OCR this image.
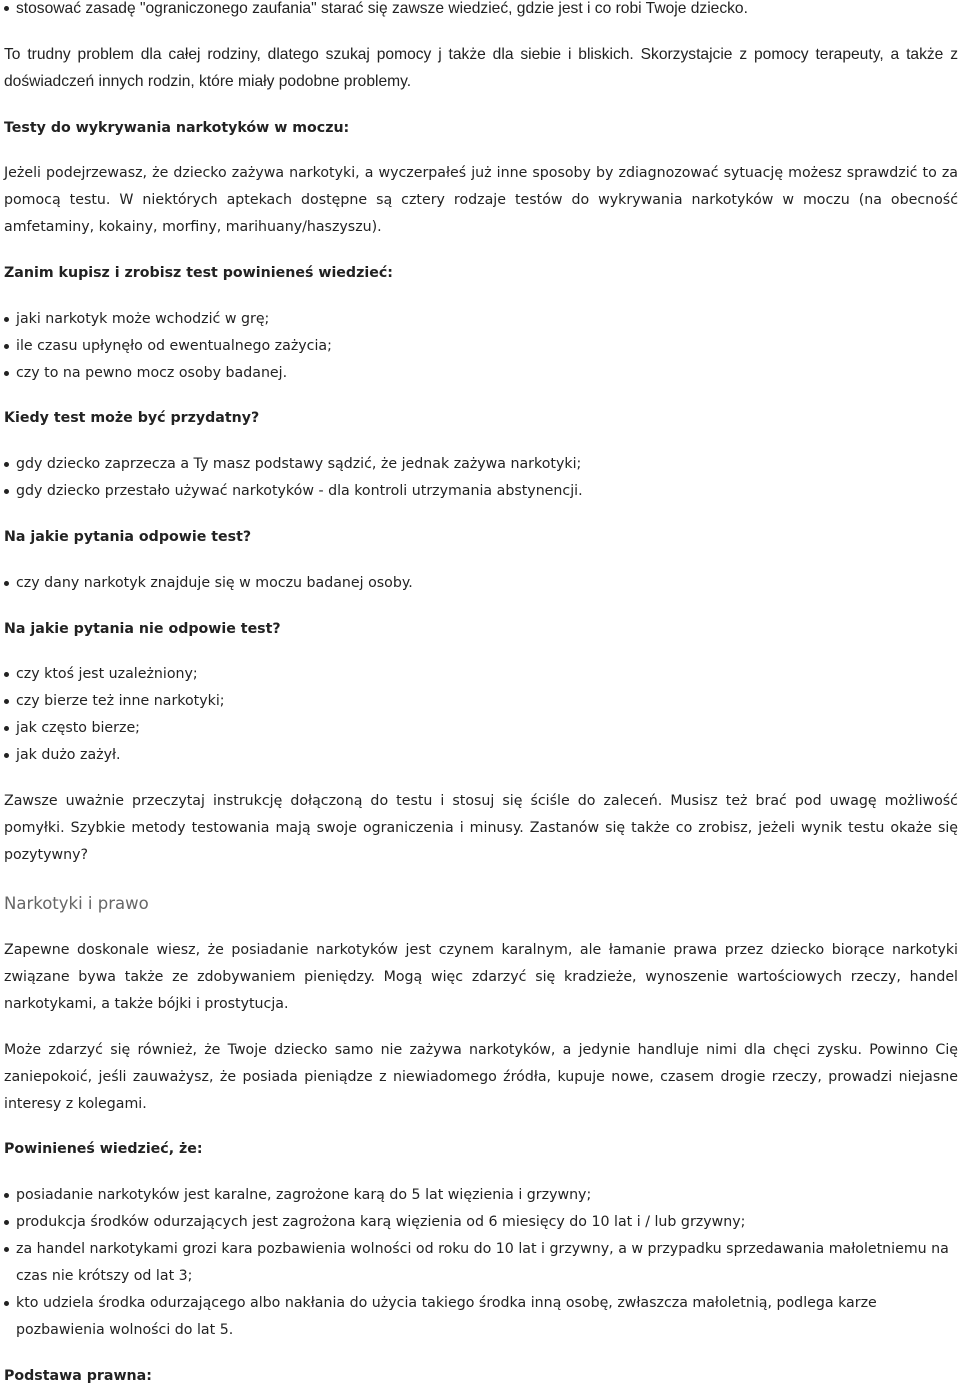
stosować zasadę "ograniczonego zaufania" starać się zawsze wiedzieć, gdzie jest i co robi Twoje dziecko.

To trudny problem dla całej rodziny, dlatego szukaj pomocy j także dla siebie i bliskich. Skorzystajcie z pomocy terapeuty, a także z doświadczeń innych rodzin, które miały podobne problemy.

Testy do wykrywania narkotyków w moczu:

Jeżeli podejrzewasz, że dziecko zażywa narkotyki, a wyczerpałeś już inne sposoby by zdiagnozować sytuację możesz sprawdzić to za pomocą testu. W niektórych aptekach dostępne są cztery rodzaje testów do wykrywania narkotyków w moczu (na obecność amfetaminy, kokainy, morfiny, marihuany/haszyszu).

Zanim kupisz i zrobisz test powinieneś wiedzieć:
jaki narkotyk może wchodzić w grę;
ile czasu upłynęło od ewentualnego zażycia;
czy to na pewno mocz osoby badanej.
Kiedy test może być przydatny?
gdy dziecko zaprzecza a Ty masz podstawy sądzić, że jednak zażywa narkotyki;
gdy dziecko przestało używać narkotyków - dla kontroli utrzymania abstynencji.
Na jakie pytania odpowie test?
czy dany narkotyk znajduje się w moczu badanej osoby.
Na jakie pytania nie odpowie test?
czy ktoś jest uzależniony;
czy bierze też inne narkotyki;
jak często bierze;
jak dużo zażył.

Zawsze uważnie przeczytaj instrukcję dołączoną do testu i stosuj się ściśle do zaleceń. Musisz też brać pod uwagę możliwość pomyłki. Szybkie metody testowania mają swoje ograniczenia i minusy. Zastanów się także co zrobisz, jeżeli wynik testu okaże się pozytywny?

Narkotyki i prawo

Zapewne doskonale wiesz, że posiadanie narkotyków jest czynem karalnym, ale łamanie prawa przez dziecko biorące narkotyki związane bywa także ze zdobywaniem pieniędzy. Mogą więc zdarzyć się kradzieże, wynoszenie wartościowych rzeczy, handel narkotykami, a także bójki i prostytucja.

Może zdarzyć się również, że Twoje dziecko samo nie zażywa narkotyków, a jedynie handluje nimi dla chęci zysku. Powinno Cię zaniepokoić, jeśli zauważysz, że posiada pieniądze z niewiadomego źródła, kupuje nowe, czasem drogie rzeczy, prowadzi niejasne interesy z kolegami.

Powinieneś wiedzieć, że:
posiadanie narkotyków jest karalne, zagrożone karą do 5 lat więzienia i grzywny;
produkcja środków odurzających jest zagrożona karą więzienia od 6 miesięcy do 10 lat i / lub grzywny;
za handel narkotykami grozi kara pozbawienia wolności od roku do 10 lat i grzywny, a w przypadku sprzedawania małoletniemu na czas nie krótszy od lat 3;
kto udziela środka odurzającego albo nakłania do użycia takiego środka inną osobę, zwłaszcza małoletnią, podlega karze pozbawienia wolności do lat 5.
Podstawa prawna:
